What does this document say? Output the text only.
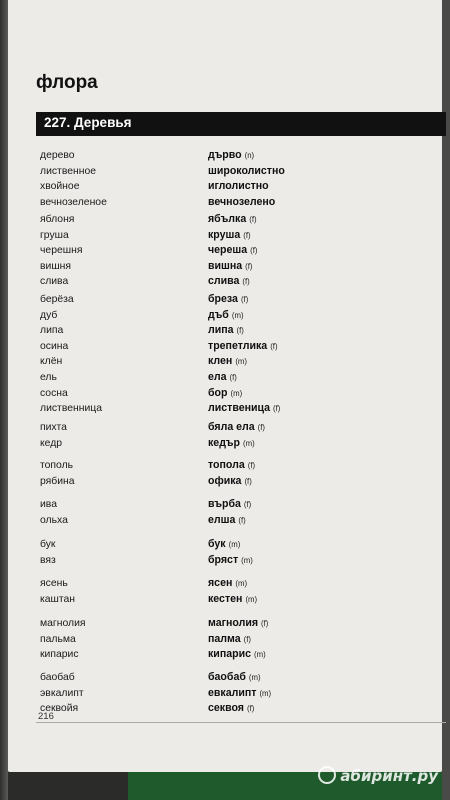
флора
227. Деревья
дерево
лиственное
хвойное
вечнозеленое
яблоня
груша
черешня
вишня
слива
берёза
дуб
липа
осина
клён
ель
сосна
лиственница
пихта
кедр
тополь
рябина
ива
ольха
бук
вяз
ясень
каштан
магнолия
пальма
кипарис
баобаб
эвкалипт
секвойя
дърво (n)
широколистно
иглолистно
вечнозелено
ябълка (f)
круша (f)
череша (f)
вишна (f)
слива (f)
бреза (f)
дъб (m)
липа (f)
трепетлика (f)
клен (m)
ела (f)
бор (m)
лиственица (f)
бяла ела (f)
кедър (m)
топола (f)
офика (f)
върба (f)
елша (f)
бук (m)
бряст (m)
ясен (m)
кестен (m)
магнолия (f)
палма (f)
кипарис (m)
баобаб (m)
евкалипт (m)
секвоя (f)
216
абиринт.ру
